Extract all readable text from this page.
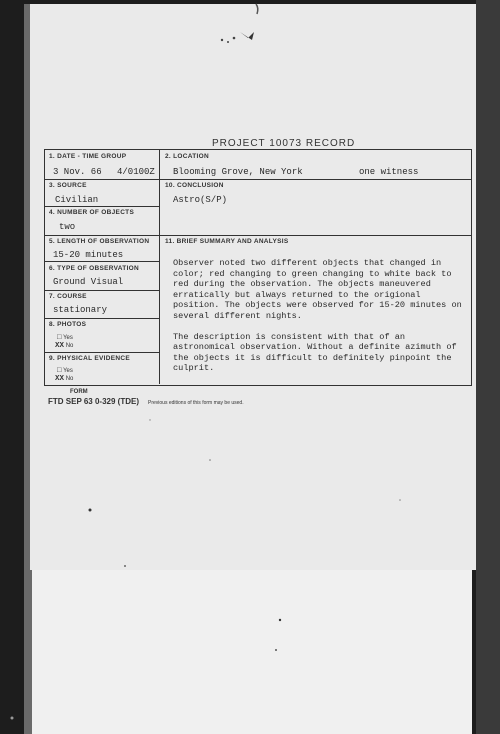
PROJECT 10073 RECORD
1. DATE - TIME GROUP
3 Nov. 66 4/0100Z
2. LOCATION
Blooming Grove, New York	one witness
3. SOURCE
Civilian
10. CONCLUSION
Astro(S/P)
4. NUMBER OF OBJECTS
two
5. LENGTH OF OBSERVATION
15-20 minutes
11. BRIEF SUMMARY AND ANALYSIS

Observer noted two different objects that changed in color; red changing to green changing to white back to red during the observation. The objects maneuvered erratically but always returned to the origional position. The objects were observed for 15-20 minutes on several different nights.

The description is consistent with that of an astronomical observation. Without a definite azimuth of the objects it is difficult to definitely pinpoint the culprit.

6. TYPE OF OBSERVATION
Ground Visual
7. COURSE
stationary
8. PHOTOS
□ Yes
XX No
9. PHYSICAL EVIDENCE
□ Yes
XX No
FORM
FTD SEP 63 0-329 (TDE) Previous editions of this form may be used.
